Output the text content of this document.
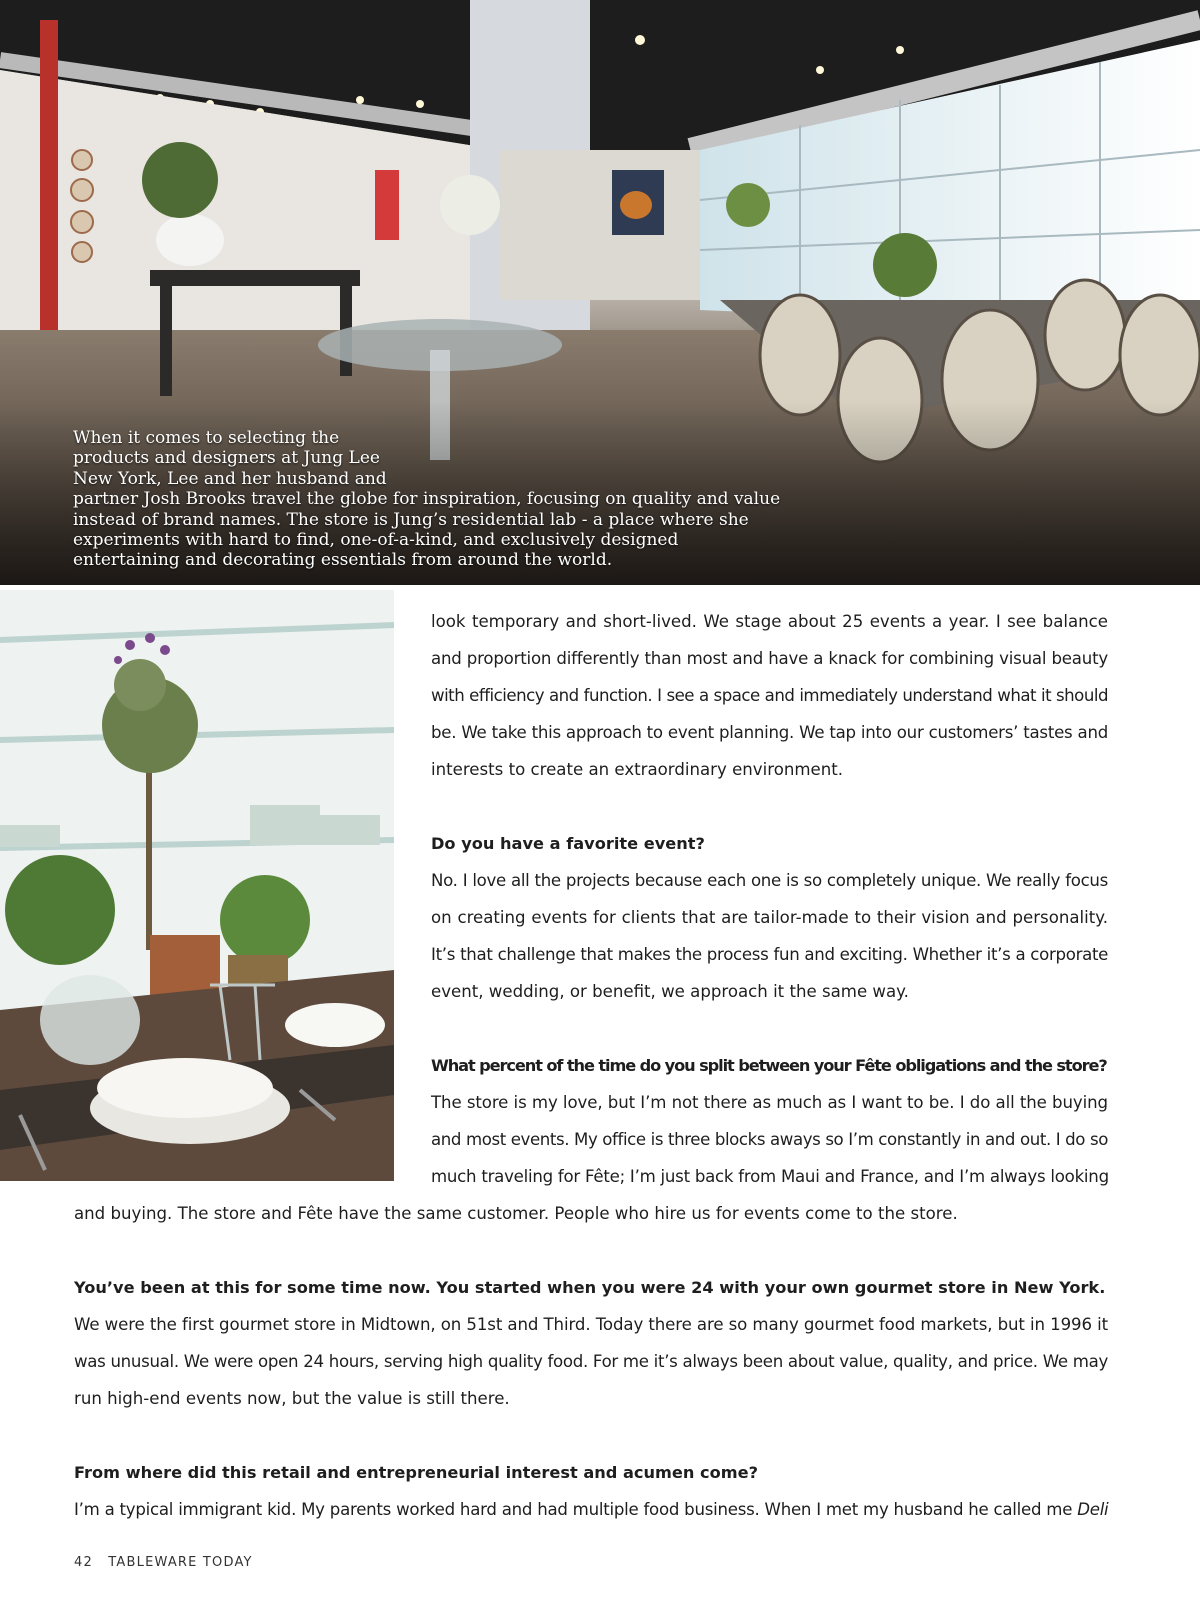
When it comes to selecting the
products and designers at Jung Lee
New York, Lee and her husband and
partner Josh Brooks travel the globe for inspiration, focusing on quality and value
instead of brand names. The store is Jung’s residential lab - a place where she
experiments with hard to find, one-of-a-kind, and exclusively designed
entertaining and decorating essentials from around the world.
look temporary and short-lived. We stage about 25 events a year. I see balance
and proportion differently than most and have a knack for combining visual beauty
with efficiency and function. I see a space and immediately understand what it should
be. We take this approach to event planning. We tap into our customers’ tastes and
interests to create an extraordinary environment.
Do you have a favorite event?
No. I love all the projects because each one is so completely unique. We really focus
on creating events for clients that are tailor-made to their vision and personality.
It’s that challenge that makes the process fun and exciting. Whether it’s a corporate
event, wedding, or benefit, we approach it the same way.
What percent of the time do you split between your Fête obligations and the store?
The store is my love, but I’m not there as much as I want to be. I do all the buying
and most events. My office is three blocks aways so I’m constantly in and out. I do so
much traveling for Fête; I’m just back from Maui and France, and I’m always looking
and buying. The store and Fête have the same customer. People who hire us for events come to the store.
You’ve been at this for some time now. You started when you were 24 with your own gourmet store in New York.
We were the first gourmet store in Midtown, on 51st and Third. Today there are so many gourmet food markets, but in 1996 it
was unusual. We were open 24 hours, serving high quality food. For me it’s always been about value, quality, and price. We may
run high-end events now, but the value is still there.
From where did this retail and entrepreneurial interest and acumen come?
I’m a typical immigrant kid. My parents worked hard and had multiple food business. When I met my husband he called me Deli
42 TABLEWARE TODAY
